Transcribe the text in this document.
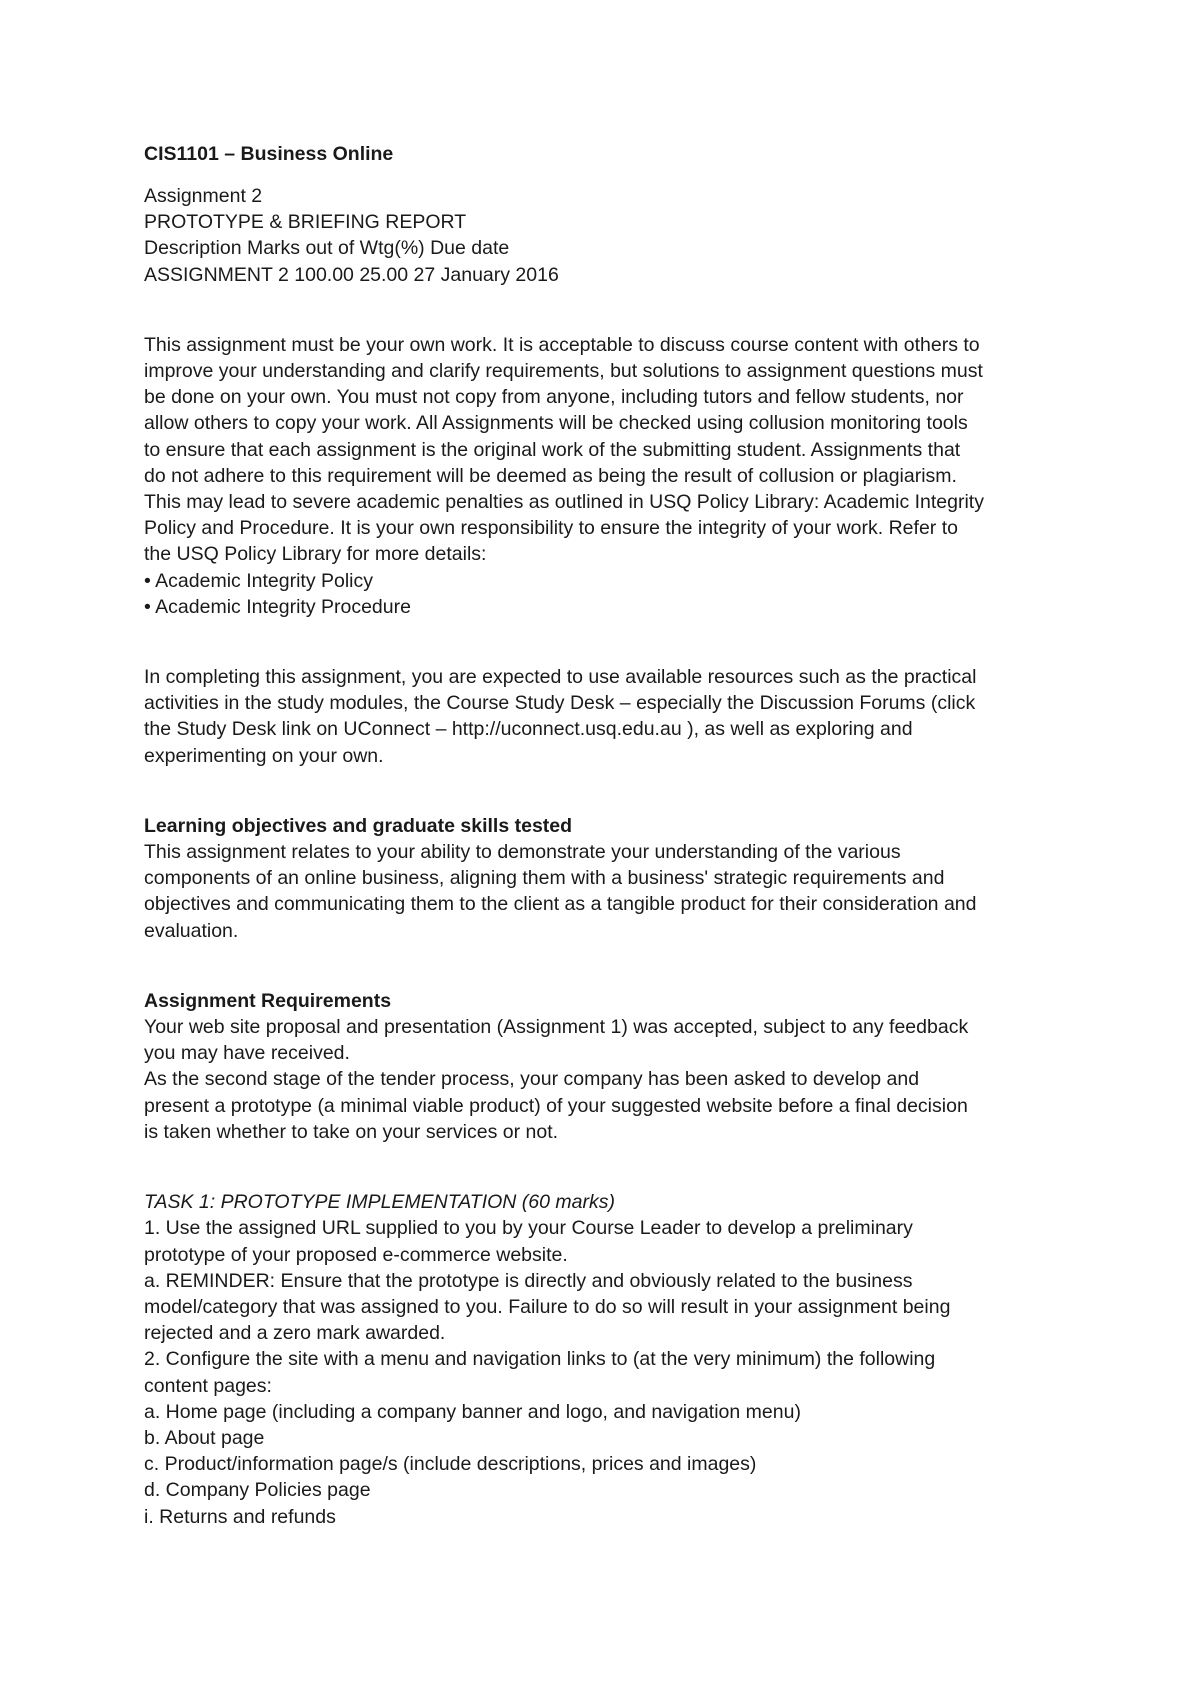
CIS1101 – Business Online
Assignment 2
PROTOTYPE & BRIEFING REPORT
Description Marks out of Wtg(%) Due date
ASSIGNMENT 2 100.00 25.00 27 January 2016
This assignment must be your own work. It is acceptable to discuss course content with others to
improve your understanding and clarify requirements, but solutions to assignment questions must
be done on your own. You must not copy from anyone, including tutors and fellow students, nor
allow others to copy your work. All Assignments will be checked using collusion monitoring tools
to ensure that each assignment is the original work of the submitting student. Assignments that
do not adhere to this requirement will be deemed as being the result of collusion or plagiarism.
This may lead to severe academic penalties as outlined in USQ Policy Library: Academic Integrity
Policy and Procedure. It is your own responsibility to ensure the integrity of your work. Refer to
the USQ Policy Library for more details:
• Academic Integrity Policy
• Academic Integrity Procedure
In completing this assignment, you are expected to use available resources such as the practical
activities in the study modules, the Course Study Desk – especially the Discussion Forums (click
the Study Desk link on UConnect – http://uconnect.usq.edu.au ), as well as exploring and
experimenting on your own.
Learning objectives and graduate skills tested
This assignment relates to your ability to demonstrate your understanding of the various
components of an online business, aligning them with a business' strategic requirements and
objectives and communicating them to the client as a tangible product for their consideration and
evaluation.
Assignment Requirements
Your web site proposal and presentation (Assignment 1) was accepted, subject to any feedback
you may have received.
As the second stage of the tender process, your company has been asked to develop and
present a prototype (a minimal viable product) of your suggested website before a final decision
is taken whether to take on your services or not.
TASK 1: PROTOTYPE IMPLEMENTATION (60 marks)
1. Use the assigned URL supplied to you by your Course Leader to develop a preliminary
prototype of your proposed e-commerce website.
a. REMINDER: Ensure that the prototype is directly and obviously related to the business
model/category that was assigned to you. Failure to do so will result in your assignment being
rejected and a zero mark awarded.
2. Configure the site with a menu and navigation links to (at the very minimum) the following
content pages:
a. Home page (including a company banner and logo, and navigation menu)
b. About page
c. Product/information page/s (include descriptions, prices and images)
d. Company Policies page
i. Returns and refunds
